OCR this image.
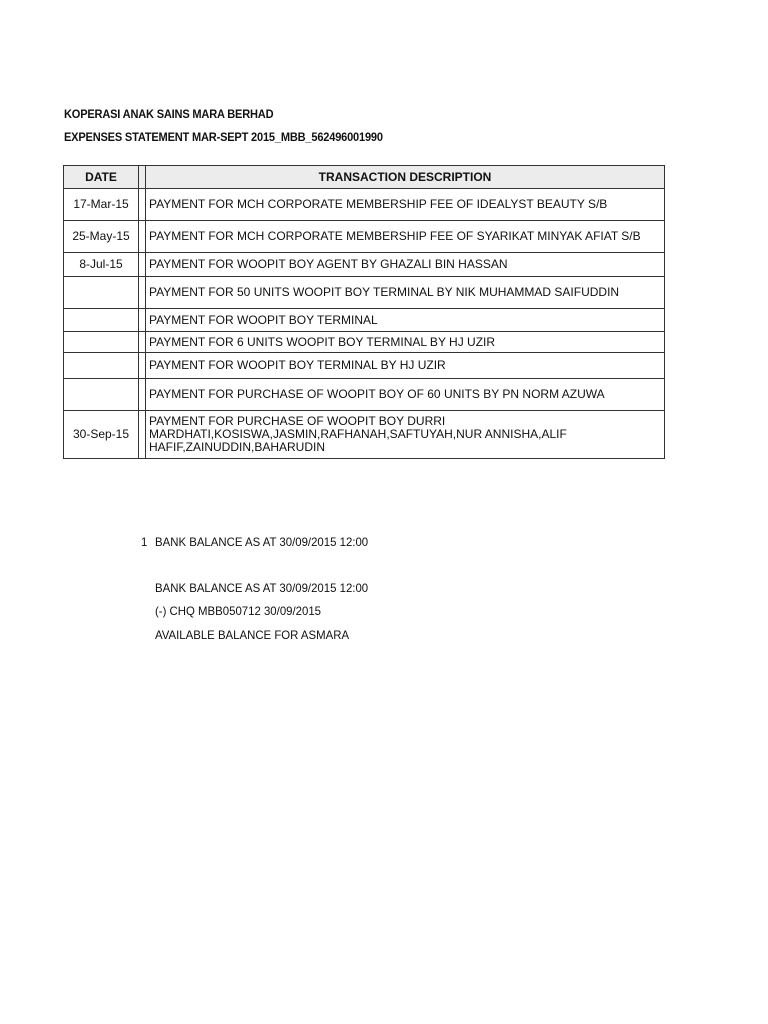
KOPERASI ANAK SAINS MARA BERHAD
EXPENSES STATEMENT MAR-SEPT 2015_MBB_562496001990
DATE		TRANSACTION DESCRIPTION
17-Mar-15		PAYMENT FOR MCH CORPORATE MEMBERSHIP FEE OF IDEALYST BEAUTY S/B
25-May-15		PAYMENT FOR MCH CORPORATE MEMBERSHIP FEE OF SYARIKAT MINYAK AFIAT S/B
8-Jul-15		PAYMENT FOR WOOPIT BOY AGENT BY GHAZALI BIN HASSAN
		PAYMENT FOR 50 UNITS WOOPIT BOY TERMINAL BY NIK MUHAMMAD SAIFUDDIN
		PAYMENT FOR WOOPIT BOY TERMINAL
		PAYMENT FOR 6 UNITS WOOPIT BOY TERMINAL BY HJ UZIR
		PAYMENT FOR WOOPIT BOY TERMINAL BY HJ UZIR
		PAYMENT FOR PURCHASE OF WOOPIT BOY OF 60 UNITS BY PN NORM AZUWA
30-Sep-15		PAYMENT FOR PURCHASE OF WOOPIT BOY DURRI MARDHATI,KOSISWA,JASMIN,RAFHANAH,SAFTUYAH,NUR ANNISHA,ALIF HAFIF,ZAINUDDIN,BAHARUDIN
1 BANK BALANCE AS AT 30/09/2015 12:00
BANK BALANCE AS AT 30/09/2015 12:00
(-) CHQ MBB050712 30/09/2015
AVAILABLE BALANCE FOR ASMARA
